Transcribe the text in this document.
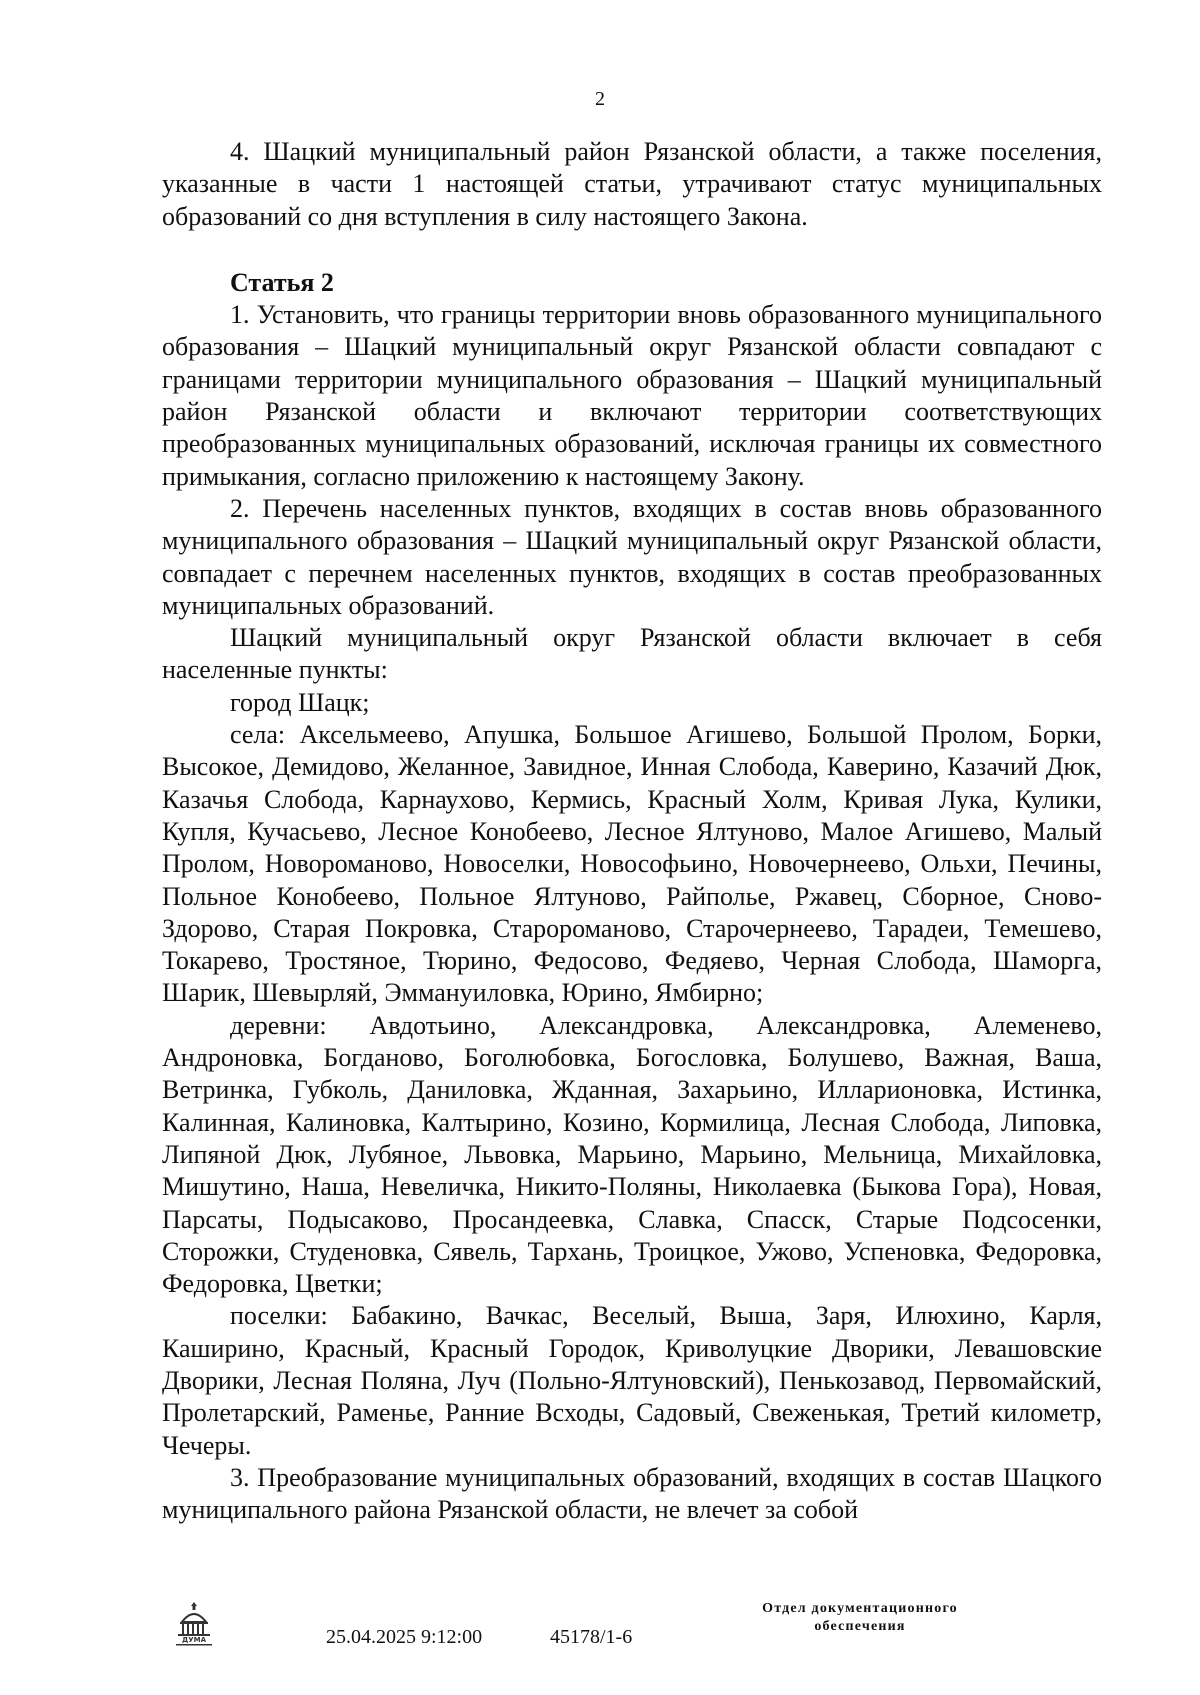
2

4. Шацкий муниципальный район Рязанской области, а также поселения, указанные в части 1 настоящей статьи, утрачивают статус муниципальных образований со дня вступления в силу настоящего Закона.

Статья 2

1. Установить, что границы территории вновь образованного муниципального образования – Шацкий муниципальный округ Рязанской области совпадают с границами территории муниципального образования – Шацкий муниципальный район Рязанской области и включают территории соответствующих преобразованных муниципальных образований, исключая границы их совместного примыкания, согласно приложению к настоящему Закону.

2. Перечень населенных пунктов, входящих в состав вновь образованного муниципального образования – Шацкий муниципальный округ Рязанской области, совпадает с перечнем населенных пунктов, входящих в состав преобразованных муниципальных образований.

Шацкий муниципальный округ Рязанской области включает в себя населенные пункты:

город Шацк;

села: Аксельмеево, Апушка, Большое Агишево, Большой Пролом, Борки, Высокое, Демидово, Желанное, Завидное, Инная Слобода, Каверино, Казачий Дюк, Казачья Слобода, Карнаухово, Кермись, Красный Холм, Кривая Лука, Кулики, Купля, Кучасьево, Лесное Конобеево, Лесное Ялтуново, Малое Агишево, Малый Пролом, Новороманово, Новоселки, Новософьино, Новочернеево, Ольхи, Печины, Польное Конобеево, Польное Ялтуново, Райполье, Ржавец, Сборное, Сново-Здорово, Старая Покровка, Староромановo, Старочернеево, Тарадеи, Темешево, Токарево, Тростяное, Тюрино, Федосово, Федяево, Черная Слобода, Шаморга, Шарик, Шевырляй, Эммануиловка, Юрино, Ямбирно;

деревни: Авдотьино, Александровка, Александровка, Алеменево, Андроновка, Богданово, Боголюбовка, Богословка, Болушево, Важная, Ваша, Ветринка, Губколь, Даниловка, Жданная, Захарьино, Илларионовка, Истинка, Калинная, Калиновка, Калтырино, Козино, Кормилица, Лесная Слобода, Липовка, Липяной Дюк, Лубяное, Львовка, Марьино, Марьино, Мельница, Михайловка, Мишутино, Наша, Невеличка, Никито-Поляны, Николаевка (Быкова Гора), Новая, Парсаты, Подысаково, Просандеевка, Славка, Спасск, Старые Подсосенки, Сторожки, Студеновка, Сявель, Тархань, Троицкое, Ужово, Успеновка, Федоровка, Федоровка, Цветки;

поселки: Бабакино, Вачкас, Веселый, Выша, Заря, Илюхино, Карля, Каширино, Красный, Красный Городок, Криволуцкие Дворики, Левашовские Дворики, Лесная Поляна, Луч (Польно-Ялтуновский), Пенькозавод, Первомайский, Пролетарский, Раменье, Ранние Всходы, Садовый, Свеженькая, Третий километр, Чечеры.

3. Преобразование муниципальных образований, входящих в состав Шацкого муниципального района Рязанской области, не влечет за собой

ДУМА	25.04.2025 9:12:00	45178/1-6
Отдел документационного
обеспечения
